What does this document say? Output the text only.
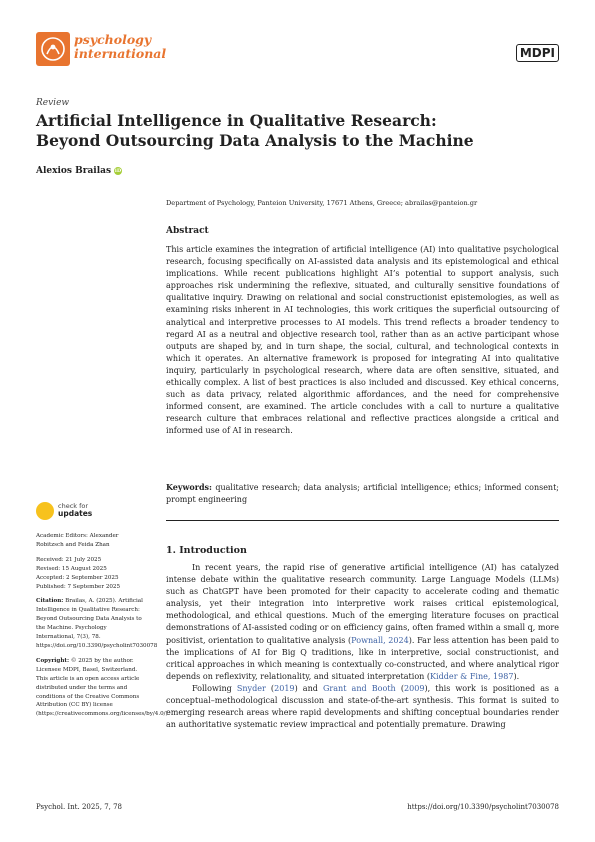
psychology
international	MDPI
Review
Artificial Intelligence in Qualitative Research:
Beyond Outsourcing Data Analysis to the Machine
Alexios Brailas iD
Department of Psychology, Panteion University, 17671 Athens, Greece; abrailas@panteion.gr
Abstract
This article examines the integration of artificial intelligence (AI) into qualitative psychological research, focusing specifically on AI-assisted data analysis and its epistemological and ethical implications. While recent publications highlight AI’s potential to support analysis, such approaches risk undermining the reflexive, situated, and culturally sensitive foundations of qualitative inquiry. Drawing on relational and social constructionist epistemologies, as well as examining risks inherent in AI technologies, this work critiques the superficial outsourcing of analytical and interpretive processes to AI models. This trend reflects a broader tendency to regard AI as a neutral and objective research tool, rather than as an active participant whose outputs are shaped by, and in turn shape, the social, cultural, and technological contexts in which it operates. An alternative framework is proposed for integrating AI into qualitative inquiry, particularly in psychological research, where data are often sensitive, situated, and ethically complex. A list of best practices is also included and discussed. Key ethical concerns, such as data privacy, related algorithmic affordances, and the need for comprehensive informed consent, are examined. The article concludes with a call to nurture a qualitative research culture that embraces relational and reflective practices alongside a critical and informed use of AI in research.
Keywords: qualitative research; data analysis; artificial intelligence; ethics; informed consent; prompt engineering
check for
updates

Academic Editors: Alexander Robitzsch and Feida Zhan

Received: 21 July 2025
Revised: 15 August 2025
Accepted: 2 September 2025

Published: 7 September 2025

Citation: Brailas, A. (2025). Artificial Intelligence in Qualitative Research: Beyond Outsourcing Data Analysis to the Machine. Psychology International, 7(3), 78. https://doi.org/10.3390/psycholint7030078

Copyright: © 2025 by the author. Licensee MDPI, Basel, Switzerland. This article is an open access article distributed under the terms and conditions of the Creative Commons Attribution (CC BY) license (https://creativecommons.org/licenses/by/4.0/).

1. Introduction

In recent years, the rapid rise of generative artificial intelligence (AI) has catalyzed intense debate within the qualitative research community. Large Language Models (LLMs) such as ChatGPT have been promoted for their capacity to accelerate coding and thematic analysis, yet their integration into interpretive work raises critical epistemological, methodological, and ethical questions. Much of the emerging literature focuses on practical demonstrations of AI-assisted coding or on efficiency gains, often framed within a small q, more positivist, orientation to qualitative analysis (Pownall, 2024). Far less attention has been paid to the implications of AI for Big Q traditions, like in interpretive, social constructionist, and critical approaches in which meaning is contextually co-constructed, and where analytical rigor depends on reflexivity, relationality, and situated interpretation (Kidder & Fine, 1987).

Following Snyder (2019) and Grant and Booth (2009), this work is positioned as a conceptual–methodological discussion and state-of-the-art synthesis. This format is suited to emerging research areas where rapid developments and shifting conceptual boundaries render an authoritative systematic review impractical and potentially premature. Drawing

Psychol. Int. 2025, 7, 78	https://doi.org/10.3390/psycholint7030078
